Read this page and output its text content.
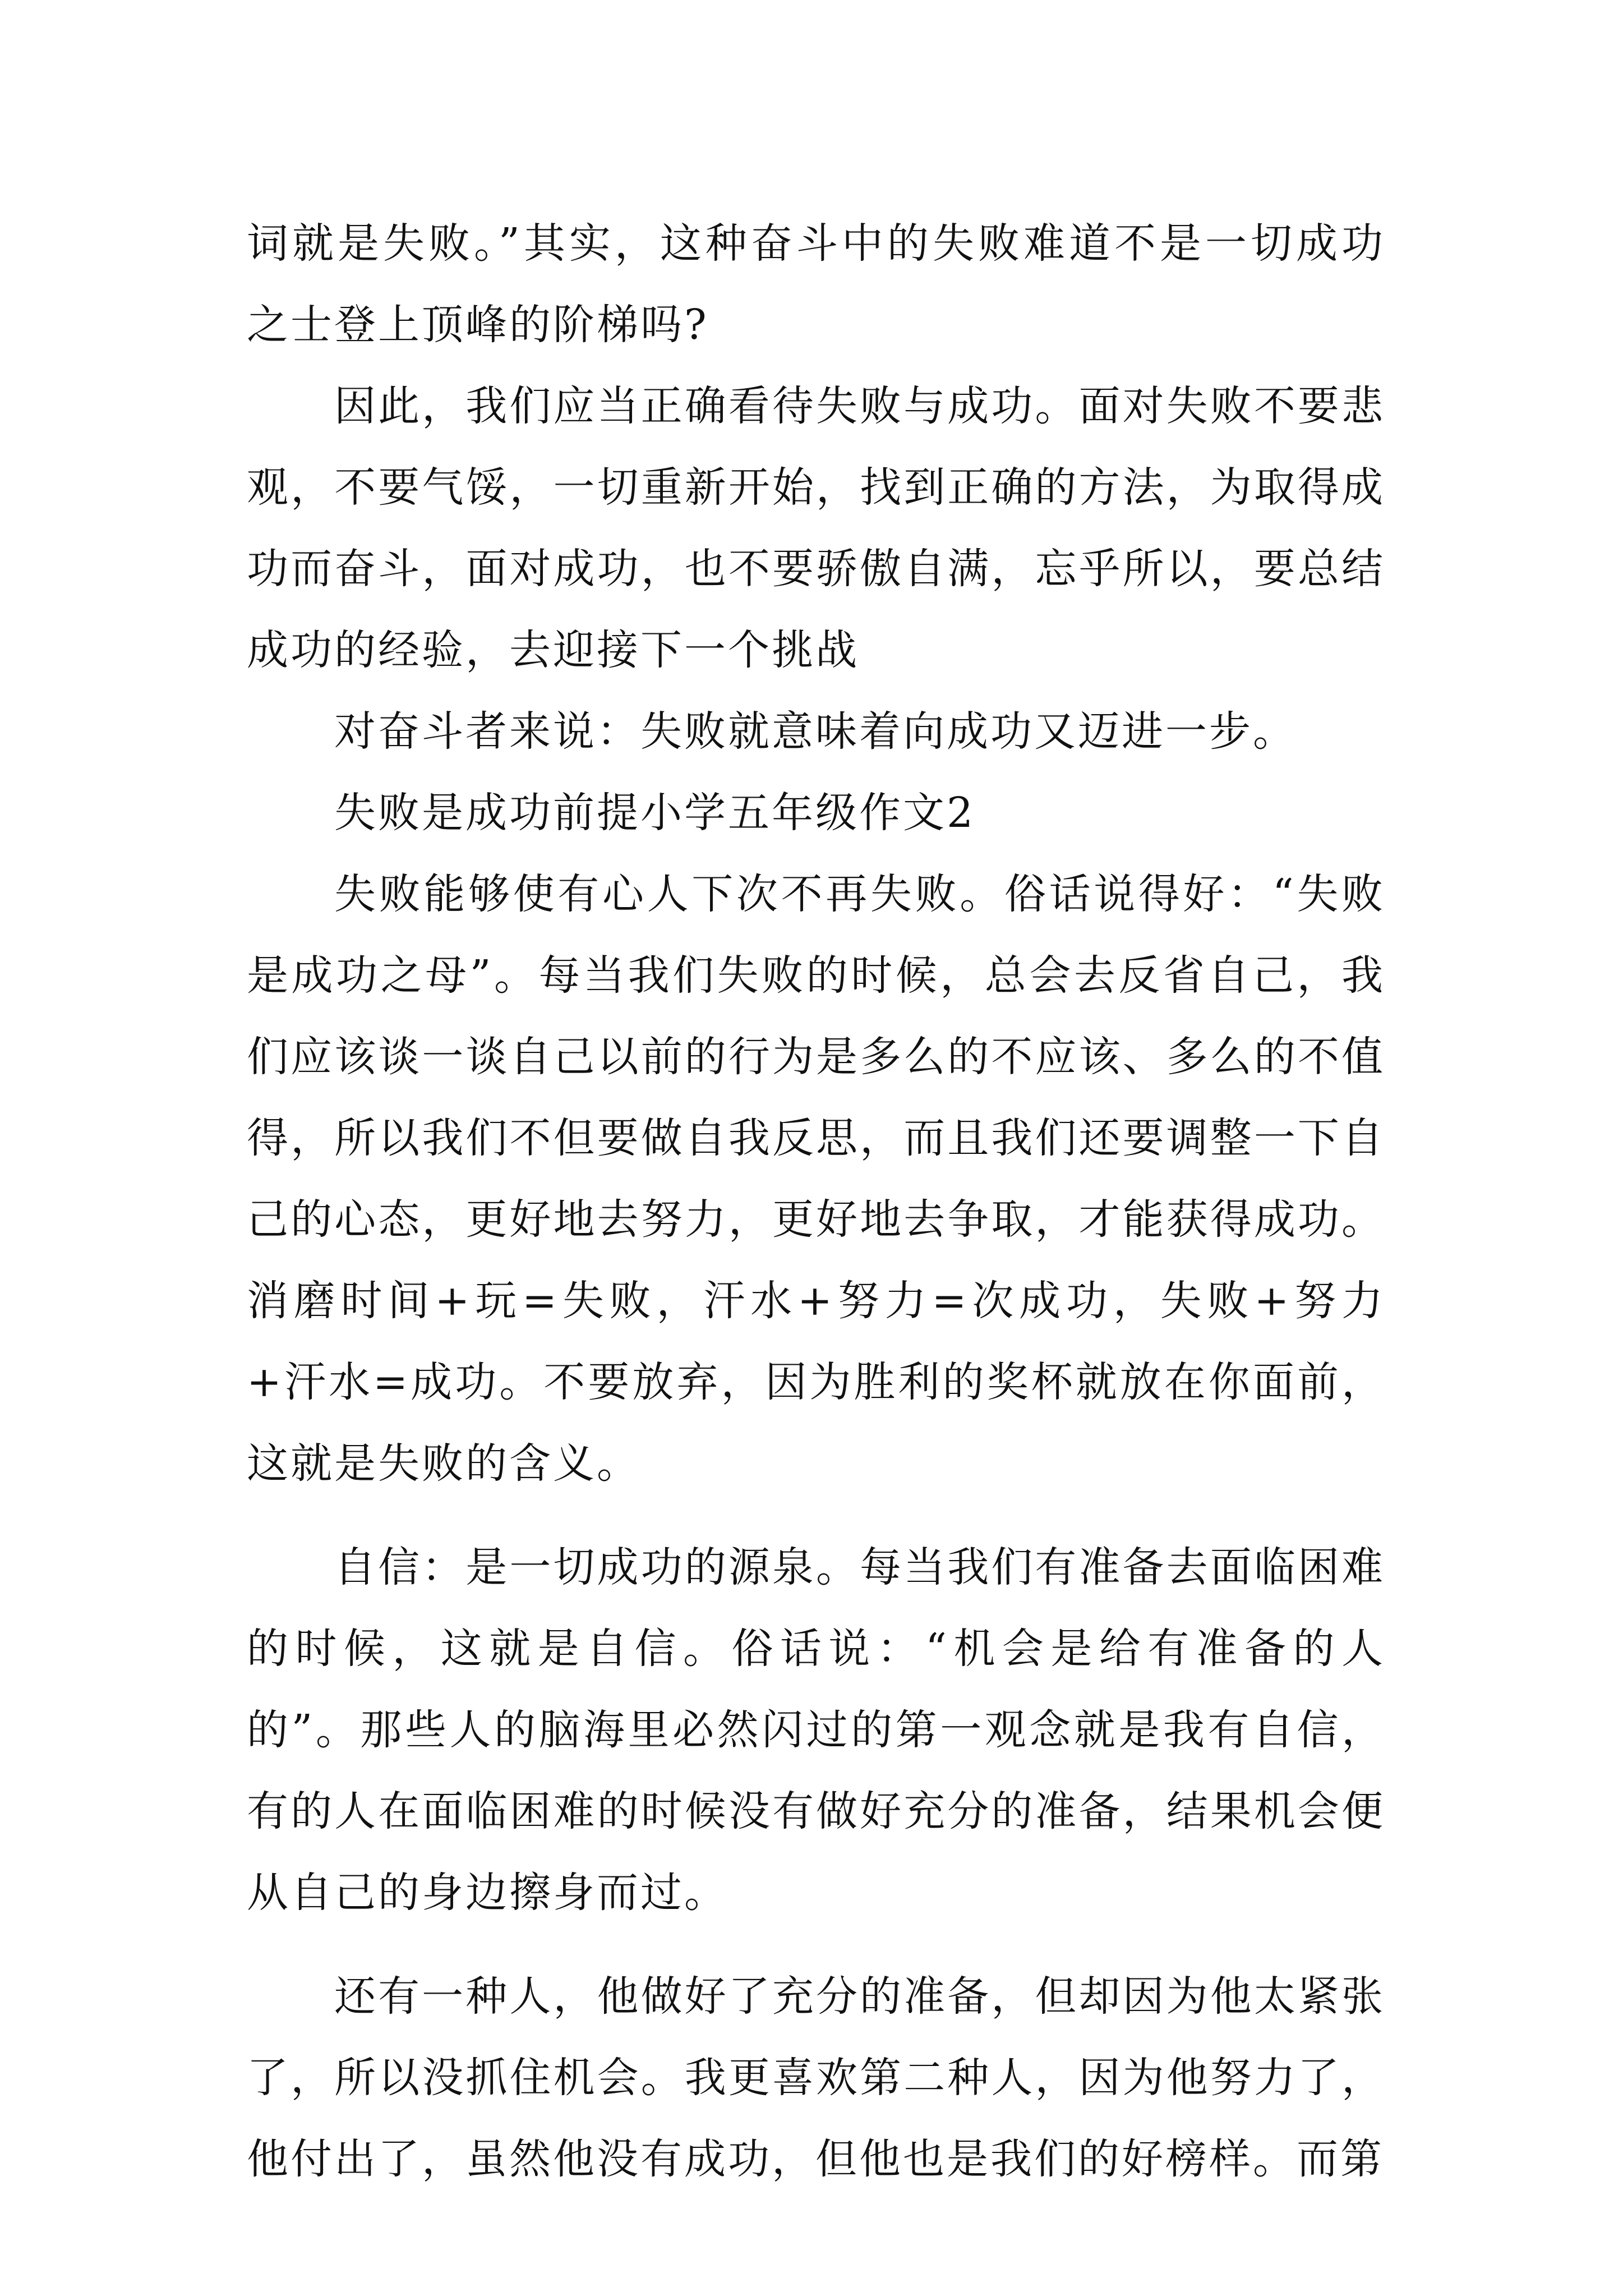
词就是失败。”其实，这种奋斗中的失败难道不是一切成功之士登上顶峰的阶梯吗?

因此，我们应当正确看待失败与成功。面对失败不要悲观，不要气馁，一切重新开始，找到正确的方法，为取得成功而奋斗，面对成功，也不要骄傲自满，忘乎所以，要总结成功的经验，去迎接下一个挑战

对奋斗者来说：失败就意味着向成功又迈进一步。

失败是成功前提小学五年级作文2

失败能够使有心人下次不再失败。俗话说得好：“失败是成功之母”。每当我们失败的时候，总会去反省自己，我们应该谈一谈自己以前的行为是多么的不应该、多么的不值得，所以我们不但要做自我反思，而且我们还要调整一下自己的心态，更好地去努力，更好地去争取，才能获得成功。消磨时间+玩=失败，汗水+努力=次成功，失败+努力+汗水=成功。不要放弃，因为胜利的奖杯就放在你面前，这就是失败的含义。

自信：是一切成功的源泉。每当我们有准备去面临困难的时候，这就是自信。俗话说：“机会是给有准备的人的”。那些人的脑海里必然闪过的第一观念就是我有自信，有的人在面临困难的时候没有做好充分的准备，结果机会便从自己的身边擦身而过。

还有一种人，他做好了充分的准备，但却因为他太紧张了，所以没抓住机会。我更喜欢第二种人，因为他努力了，他付出了，虽然他没有成功，但他也是我们的好榜样。而第
